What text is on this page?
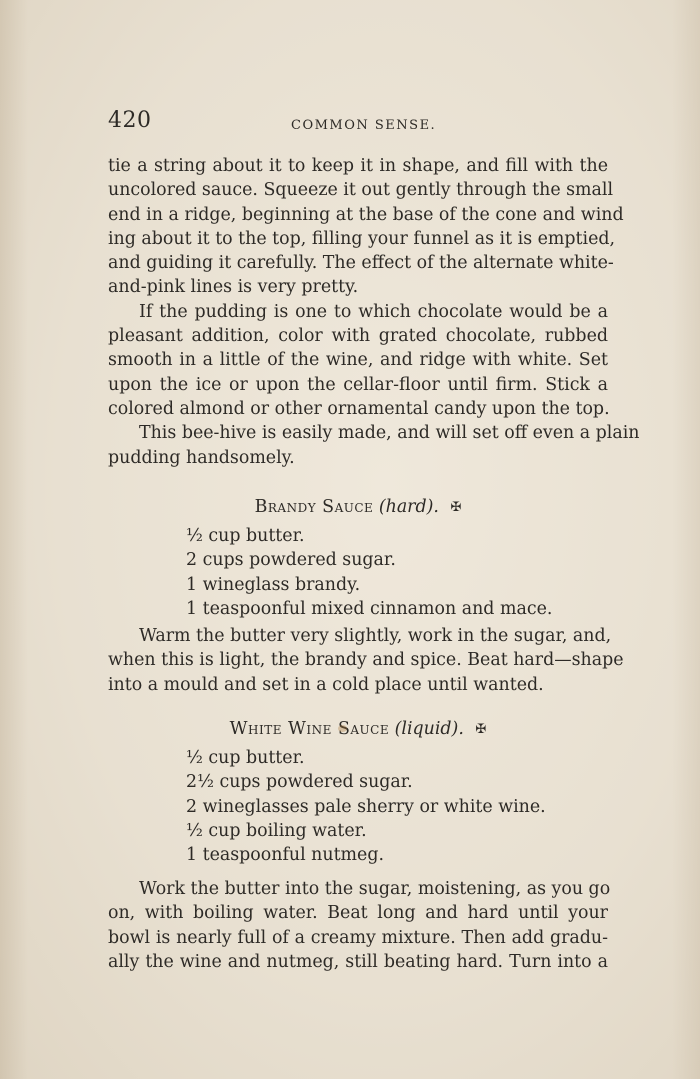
420	COMMON SENSE.
tie a string about it to keep it in shape, and fill with the
uncolored sauce. Squeeze it out gently through the small
end in a ridge, beginning at the base of the cone and wind
ing about it to the top, filling your funnel as it is emptied,
and guiding it carefully. The effect of the alternate white-
and-pink lines is very pretty.
If the pudding is one to which chocolate would be a
pleasant addition, color with grated chocolate, rubbed
smooth in a little of the wine, and ridge with white. Set
upon the ice or upon the cellar-floor until firm. Stick a
colored almond or other ornamental candy upon the top.
This bee-hive is easily made, and will set off even a plain
pudding handsomely.
Brandy Sauce (hard). ✠
½ cup butter.
2 cups powdered sugar.
1 wineglass brandy.
1 teaspoonful mixed cinnamon and mace.
Warm the butter very slightly, work in the sugar, and,
when this is light, the brandy and spice. Beat hard—shape
into a mould and set in a cold place until wanted.
White Wine Sauce (liquid). ✠
½ cup butter.
2½ cups powdered sugar.
2 wineglasses pale sherry or white wine.
½ cup boiling water.
1 teaspoonful nutmeg.
Work the butter into the sugar, moistening, as you go
on, with boiling water. Beat long and hard until your
bowl is nearly full of a creamy mixture. Then add gradu-
ally the wine and nutmeg, still beating hard. Turn into a
